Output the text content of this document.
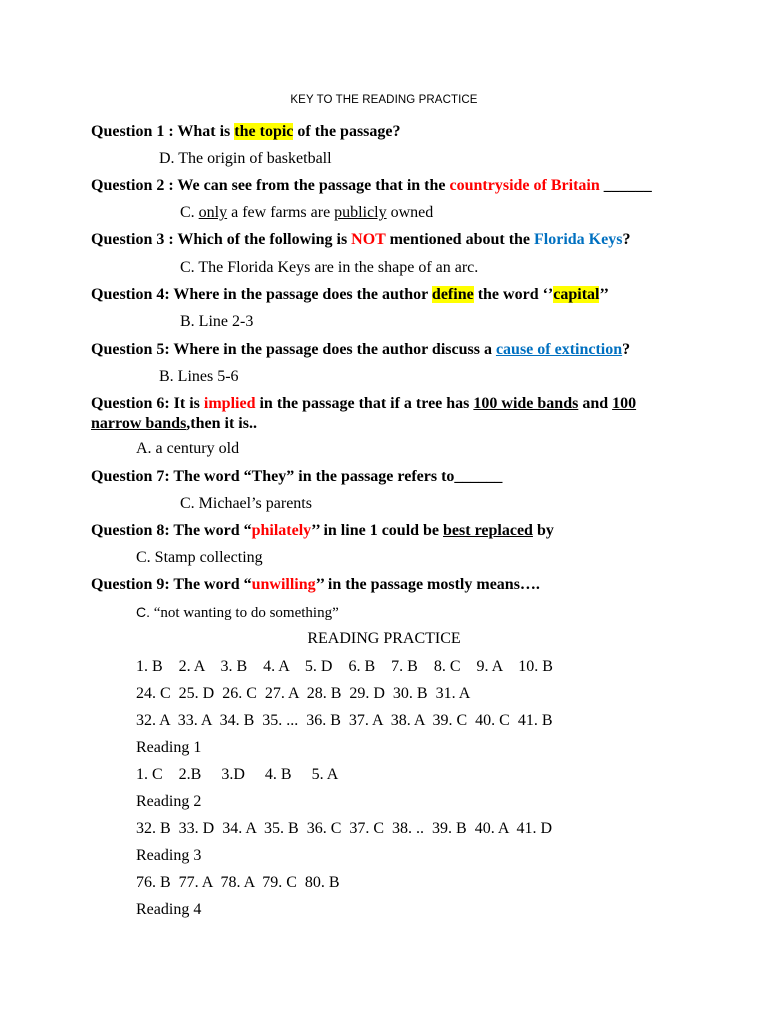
KEY TO THE READING PRACTICE
Question 1 : What is the topic of the passage?
D. The origin of basketball
Question 2 : We can see from the passage that in the countryside of Britain ______
C. only a few farms are publicly owned
Question 3 : Which of the following is NOT mentioned about the Florida Keys?
C. The Florida Keys are in the shape of an arc.
Question 4: Where in the passage does the author define the word ‘’capital’’
B. Line 2-3
Question 5: Where in the passage does the author discuss a cause of extinction?
B. Lines 5-6
Question 6: It is implied in the passage that if a tree has 100 wide bands and 100
narrow bands,then it is..
A. a century old
Question 7: The word “They” in the passage refers to______
C. Michael’s parents
Question 8: The word “philately’’ in line 1 could be best replaced by
C. Stamp collecting
Question 9: The word “unwilling’’ in the passage mostly means….
C. “not wanting to do something”
READING PRACTICE
1. B    2. A    3. B    4. A    5. D    6. B    7. B    8. C    9. A    10. B
24. C  25. D  26. C  27. A  28. B  29. D  30. B  31. A
32. A  33. A  34. B  35. ...  36. B  37. A  38. A  39. C  40. C  41. B
Reading 1
1. C    2.B     3.D     4. B     5. A
Reading 2
32. B  33. D  34. A  35. B  36. C  37. C  38. ..  39. B  40. A  41. D
Reading 3
76. B  77. A  78. A  79. C  80. B
Reading 4
